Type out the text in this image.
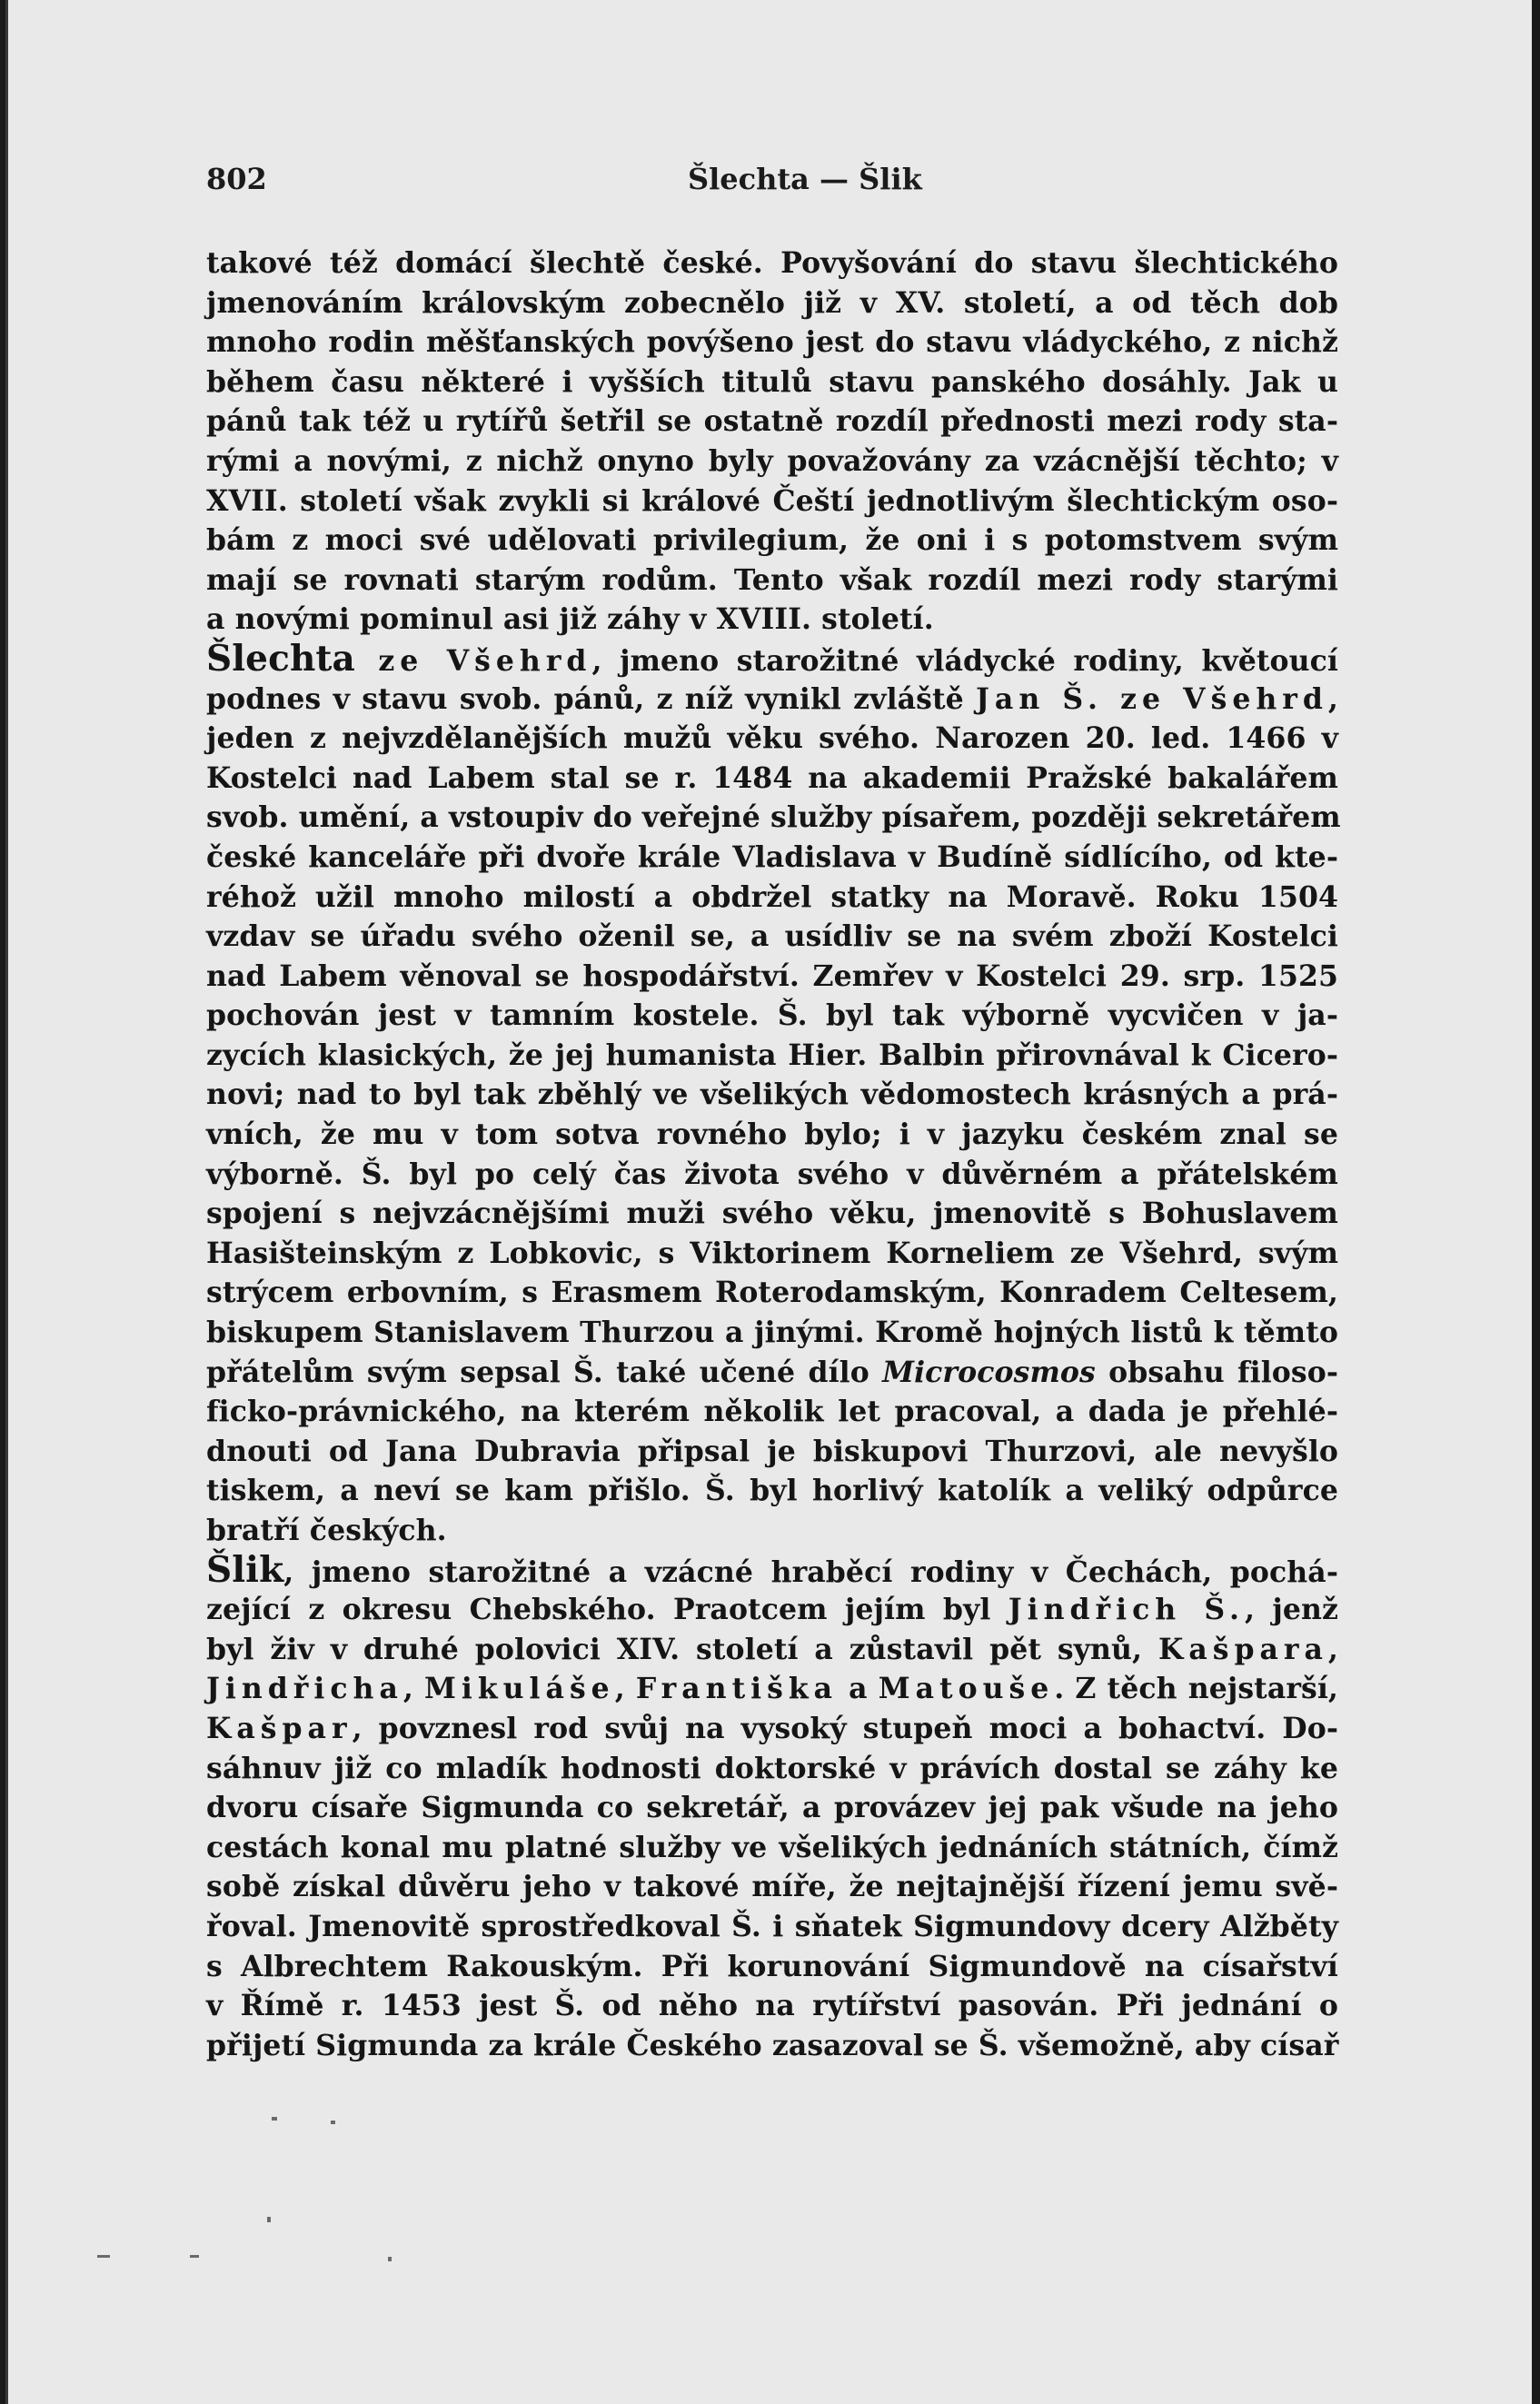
802	Šlechta — Šlik
takové též domácí šlechtě české. Povyšování do stavu šlechtického
jmenováním královským zobecnělo již v XV. století, a od těch dob
mnoho rodin měšťanských povýšeno jest do stavu vládyckého, z nichž
během času některé i vyšších titulů stavu panského dosáhly. Jak u
pánů tak též u rytířů šetřil se ostatně rozdíl přednosti mezi rody sta-
rými a novými, z nichž onyno byly považovány za vzácnější těchto; v
XVII. století však zvykli si králové Čeští jednotlivým šlechtickým oso-
bám z moci své udělovati privilegium, že oni i s potomstvem svým
mají se rovnati starým rodům. Tento však rozdíl mezi rody starými
a novými pominul asi již záhy v XVIII. století.
Šlechta ze Všehrd, jmeno starožitné vládycké rodiny, květoucí
podnes v stavu svob. pánů, z níž vynikl zvláště Jan Š. ze Všehrd,
jeden z nejvzdělanějších mužů věku svého. Narozen 20. led. 1466 v
Kostelci nad Labem stal se r. 1484 na akademii Pražské bakalářem
svob. umění, a vstoupiv do veřejné služby písařem, později sekretářem
české kanceláře při dvoře krále Vladislava v Budíně sídlícího, od kte-
réhož užil mnoho milostí a obdržel statky na Moravě. Roku 1504
vzdav se úřadu svého oženil se, a usídliv se na svém zboží Kostelci
nad Labem věnoval se hospodářství. Zemřev v Kostelci 29. srp. 1525
pochován jest v tamním kostele. Š. byl tak výborně vycvičen v ja-
zycích klasických, že jej humanista Hier. Balbin přirovnával k Cicero-
novi; nad to byl tak zběhlý ve všelikých vědomostech krásných a prá-
vních, že mu v tom sotva rovného bylo; i v jazyku českém znal se
výborně. Š. byl po celý čas života svého v důvěrném a přátelském
spojení s nejvzácnějšími muži svého věku, jmenovitě s Bohuslavem
Hasišteinským z Lobkovic, s Viktorinem Korneliem ze Všehrd, svým
strýcem erbovním, s Erasmem Roterodamským, Konradem Celtesem,
biskupem Stanislavem Thurzou a jinými. Kromě hojných listů k těmto
přátelům svým sepsal Š. také učené dílo Microcosmos obsahu filoso-
ficko-právnického, na kterém několik let pracoval, a dada je přehlé-
dnouti od Jana Dubravia připsal je biskupovi Thurzovi, ale nevyšlo
tiskem, a neví se kam přišlo. Š. byl horlivý katolík a veliký odpůrce
bratří českých.
Šlik, jmeno starožitné a vzácné hraběcí rodiny v Čechách, pochá-
zející z okresu Chebského. Praotcem jejím byl Jindřich Š., jenž
byl živ v druhé polovici XIV. století a zůstavil pět synů, Kašpara,
Jindřicha, Mikuláše, Františka a Matouše. Z těch nejstarší,
Kašpar, povznesl rod svůj na vysoký stupeň moci a bohactví. Do-
sáhnuv již co mladík hodnosti doktorské v právích dostal se záhy ke
dvoru císaře Sigmunda co sekretář, a provázev jej pak všude na jeho
cestách konal mu platné služby ve všelikých jednáních státních, čímž
sobě získal důvěru jeho v takové míře, že nejtajnější řízení jemu svě-
řoval. Jmenovitě sprostředkoval Š. i sňatek Sigmundovy dcery Alžběty
s Albrechtem Rakouským. Při korunování Sigmundově na císařství
v Římě r. 1453 jest Š. od něho na rytířství pasován. Při jednání o
přijetí Sigmunda za krále Českého zasazoval se Š. všemožně, aby císař
